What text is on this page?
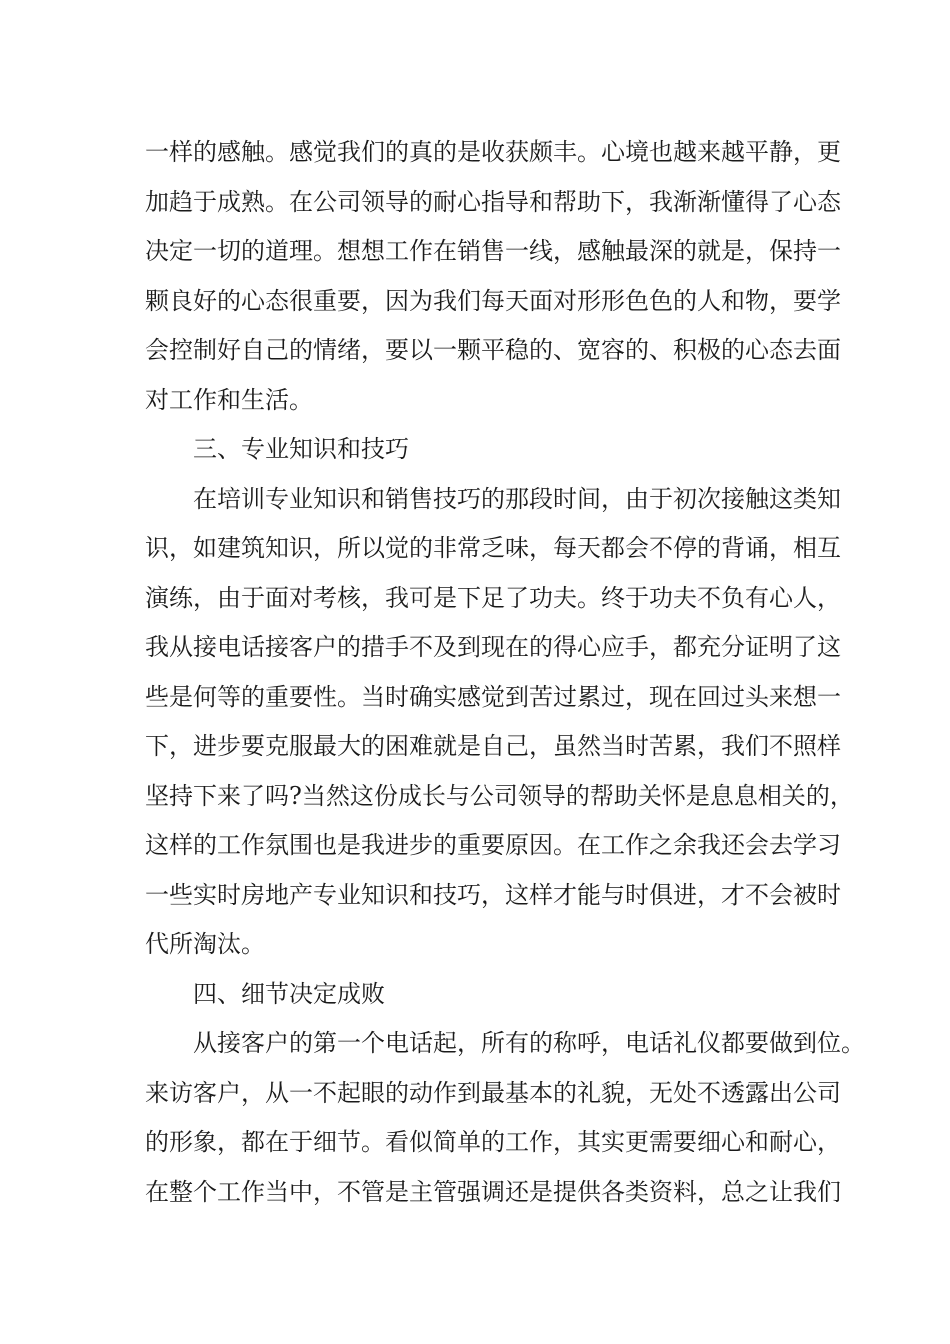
一样的感触。感觉我们的真的是收获颇丰。心境也越来越平静，更
加趋于成熟。在公司领导的耐心指导和帮助下，我渐渐懂得了心态
决定一切的道理。想想工作在销售一线，感触最深的就是，保持一
颗良好的心态很重要，因为我们每天面对形形色色的人和物，要学
会控制好自己的情绪，要以一颗平稳的、宽容的、积极的心态去面
对工作和生活。
三、专业知识和技巧
在培训专业知识和销售技巧的那段时间，由于初次接触这类知
识，如建筑知识，所以觉的非常乏味，每天都会不停的背诵，相互
演练，由于面对考核，我可是下足了功夫。终于功夫不负有心人，
我从接电话接客户的措手不及到现在的得心应手，都充分证明了这
些是何等的重要性。当时确实感觉到苦过累过，现在回过头来想一
下，进步要克服最大的困难就是自己，虽然当时苦累，我们不照样
坚持下来了吗?当然这份成长与公司领导的帮助关怀是息息相关的，
这样的工作氛围也是我进步的重要原因。在工作之余我还会去学习
一些实时房地产专业知识和技巧，这样才能与时俱进，才不会被时
代所淘汰。
四、细节决定成败
从接客户的第一个电话起，所有的称呼，电话礼仪都要做到位。
来访客户，从一不起眼的动作到最基本的礼貌，无处不透露出公司
的形象，都在于细节。看似简单的工作，其实更需要细心和耐心，
在整个工作当中，不管是主管强调还是提供各类资料，总之让我们
